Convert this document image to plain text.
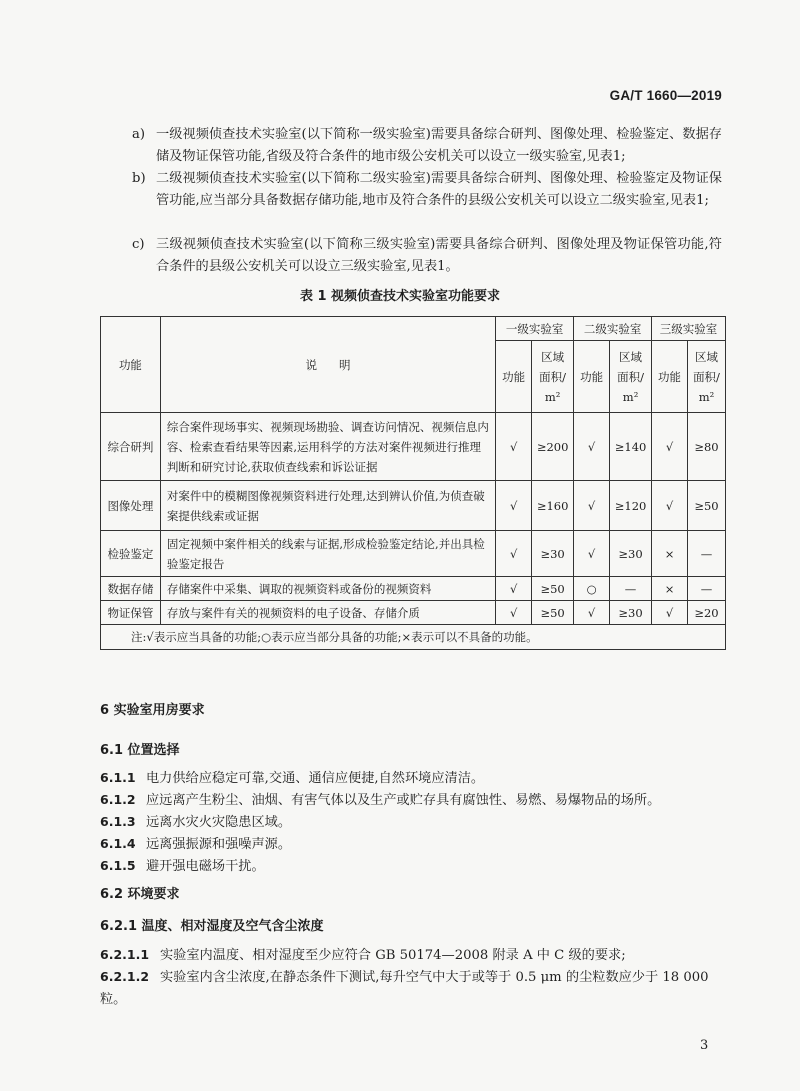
GA/T 1660—2019
a) 一级视频侦查技术实验室(以下简称一级实验室)需要具备综合研判、图像处理、检验鉴定、数据存储及物证保管功能,省级及符合条件的地市级公安机关可以设立一级实验室,见表1;
b) 二级视频侦查技术实验室(以下简称二级实验室)需要具备综合研判、图像处理、检验鉴定及物证保管功能,应当部分具备数据存储功能,地市及符合条件的县级公安机关可以设立二级实验室,见表1;
c) 三级视频侦查技术实验室(以下简称三级实验室)需要具备综合研判、图像处理及物证保管功能,符合条件的县级公安机关可以设立三级实验室,见表1。
表 1 视频侦查技术实验室功能要求
功能	说明	一级实验室		二级实验室		三级实验室	
		功能	区域
面积/
m²	功能	区域
面积/
m²	功能	区域
面积/
m²
综合研判	综合案件现场事实、视频现场勘验、调查访问情况、视频信息内容、检索查看结果等因素,运用科学的方法对案件视频进行推理判断和研究讨论,获取侦查线索和诉讼证据	√	≥200	√	≥140	√	≥80
图像处理	对案件中的模糊图像视频资料进行处理,达到辨认价值,为侦查破案提供线索或证据	√	≥160	√	≥120	√	≥50
检验鉴定	固定视频中案件相关的线索与证据,形成检验鉴定结论,并出具检验鉴定报告	√	≥30	√	≥30	×	—
数据存储	存储案件中采集、调取的视频资料或备份的视频资料	√	≥50	○	—	×	—
物证保管	存放与案件有关的视频资料的电子设备、存储介质	√	≥50	√	≥30	√	≥20
注:√表示应当具备的功能;○表示应当部分具备的功能;×表示可以不具备的功能。							
6 实验室用房要求
6.1 位置选择
6.1.1 电力供给应稳定可靠,交通、通信应便捷,自然环境应清洁。
6.1.2 应远离产生粉尘、油烟、有害气体以及生产或贮存具有腐蚀性、易燃、易爆物品的场所。
6.1.3 远离水灾火灾隐患区域。
6.1.4 远离强振源和强噪声源。
6.1.5 避开强电磁场干扰。
6.2 环境要求
6.2.1 温度、相对湿度及空气含尘浓度
6.2.1.1 实验室内温度、相对湿度至少应符合 GB 50174—2008 附录 A 中 C 级的要求;
6.2.1.2 实验室内含尘浓度,在静态条件下测试,每升空气中大于或等于 0.5 μm 的尘粒数应少于 18 000 粒。
3
